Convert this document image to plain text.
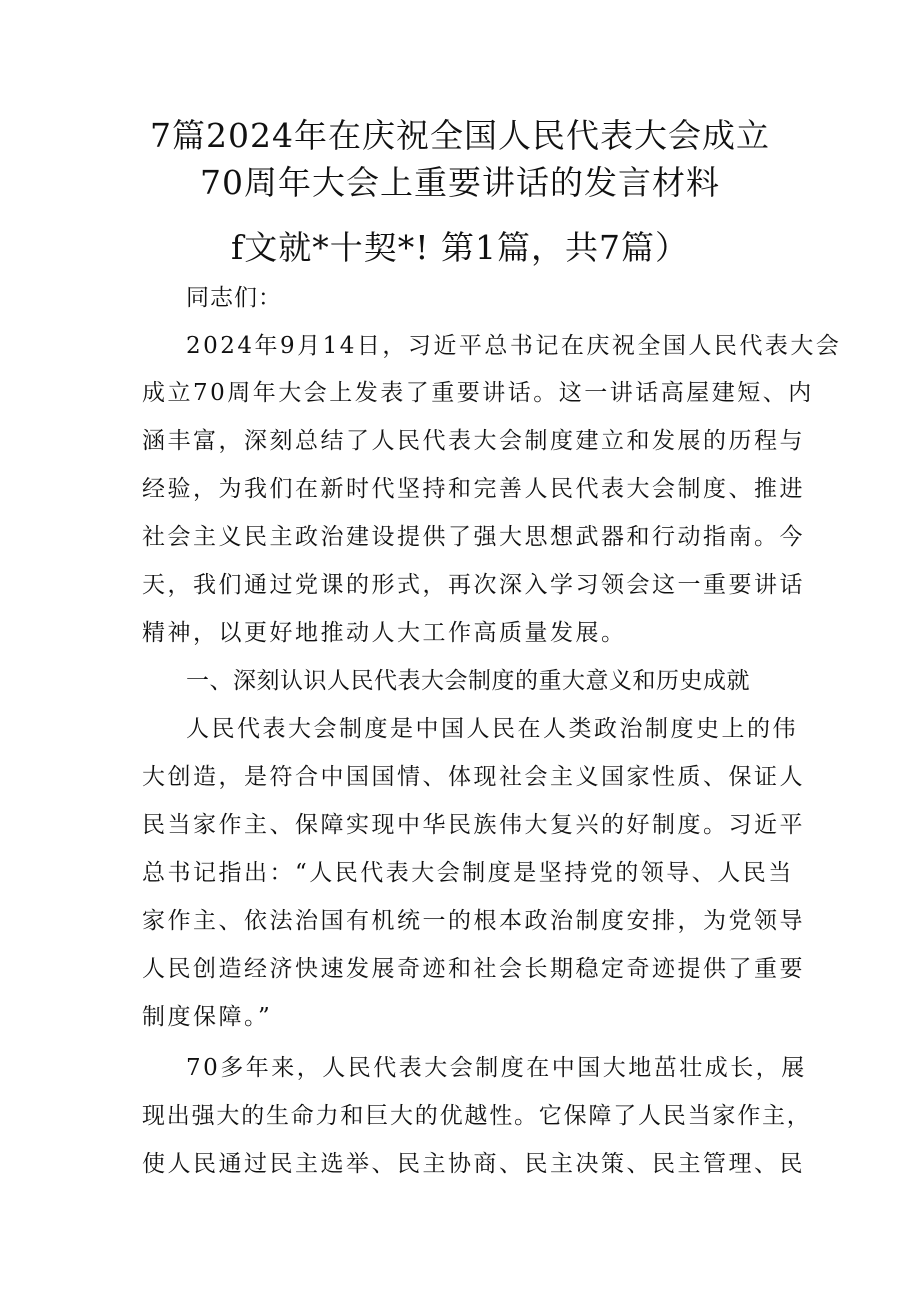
7篇2024年在庆祝全国人民代表大会成立
70周年大会上重要讲话的发言材料
f文就*十契*! 第1篇，共7篇）
同志们：
2024年9月14日，习近平总书记在庆祝全国人民代表大会
成立70周年大会上发表了重要讲话。这一讲话高屋建短、内
涵丰富，深刻总结了人民代表大会制度建立和发展的历程与
经验，为我们在新时代坚持和完善人民代表大会制度、推进
社会主义民主政治建设提供了强大思想武器和行动指南。今
天，我们通过党课的形式，再次深入学习领会这一重要讲话
精神，以更好地推动人大工作高质量发展。
一、深刻认识人民代表大会制度的重大意义和历史成就
人民代表大会制度是中国人民在人类政治制度史上的伟
大创造，是符合中国国情、体现社会主义国家性质、保证人
民当家作主、保障实现中华民族伟大复兴的好制度。习近平
总书记指出：“人民代表大会制度是坚持党的领导、人民当
家作主、依法治国有机统一的根本政治制度安排，为党领导
人民创造经济快速发展奇迹和社会长期稳定奇迹提供了重要
制度保障。”
70多年来，人民代表大会制度在中国大地茁壮成长，展
现出强大的生命力和巨大的优越性。它保障了人民当家作主，
使人民通过民主选举、民主协商、民主决策、民主管理、民
